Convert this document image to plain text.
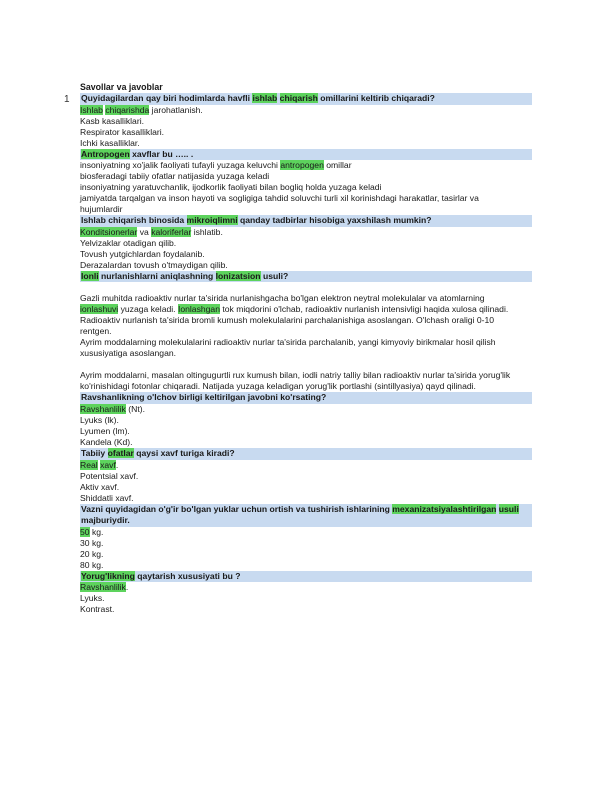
1
Savollar va javoblar
Quyidagilardan qay biri hodimlarda havfli ishlab chiqarish omillarini keltirib chiqaradi?
Ishlab chiqarishda jarohatlanish.
Kasb kasalliklari.
Respirator kasalliklari.
Ichki kasalliklar.
Antropogen xavflar bu ….. .
insoniyatning xo'jalik faoliyati tufayli yuzaga keluvchi antropogen omillar
biosferadagi tabiiy ofatlar natijasida yuzaga keladi
insoniyatning yaratuvchanlik, ijodkorlik faoliyati bilan bogliq holda yuzaga keladi
jamiyatda tarqalgan va inson hayoti va sogligiga tahdid soluvchi turli xil korinishdagi harakatlar, tasirlar va
hujumlardir
Ishlab chiqarish binosida mikroiqlimni qanday tadbirlar hisobiga yaxshilash mumkin?
Konditsionerlar va kaloriferlar ishlatib.
Yelvizaklar otadigan qilib.
Tovush yutgichlardan foydalanib.
Derazalardan tovush o'tmaydigan qilib.
Ionli nurlanishlarni aniqlashning Ionizatsion usuli?
Gazli muhitda radioaktiv nurlar ta'sirida nurlanishgacha bo'lgan elektron neytral molekulalar va atomlarning
ionlashuvi yuzaga keladi. Ionlashgan tok miqdorini o'lchab, radioaktiv nurlanish intensivligi haqida xulosa qilinadi.
Radioaktiv nurlanish ta'sirida bromli kumush molekulalarini parchalanishiga asoslangan. O'lchash oraligi 0-10
rentgen.
Ayrim moddalarning molekulalarini radioaktiv nurlar ta'sirida parchalanib, yangi kimyoviy birikmalar hosil qilish
xususiyatiga asoslangan.
Ayrim moddalarni, masalan oltingugurtli rux kumush bilan, iodli natriy talliy bilan radioaktiv nurlar ta'sirida yorug'lik
ko'rinishidagi fotonlar chiqaradi. Natijada yuzaga keladigan yorug'lik portlashi (sintillyasiya) qayd qilinadi.
Ravshanlikning o'lchov birligi keltirilgan javobni ko'rsating?
Ravshanlilik (Nt).
Lyuks (lk).
Lyumen (lm).
Kandela (Kd).
Tabiiy ofatlar qaysi xavf turiga kiradi?
Real xavf.
Potentsial xavf.
Aktiv xavf.
Shiddatli xavf.
Vazni quyidagidan o'g'ir bo'lgan yuklar uchun ortish va tushirish ishlarining mexanizatsiyalashtirilgan usuli
majburiydir.
50 kg.
30 kg.
20 kg.
80 kg.
Yorug'likning qaytarish xususiyati bu ?
Ravshanlilik.
Lyuks.
Kontrast.
